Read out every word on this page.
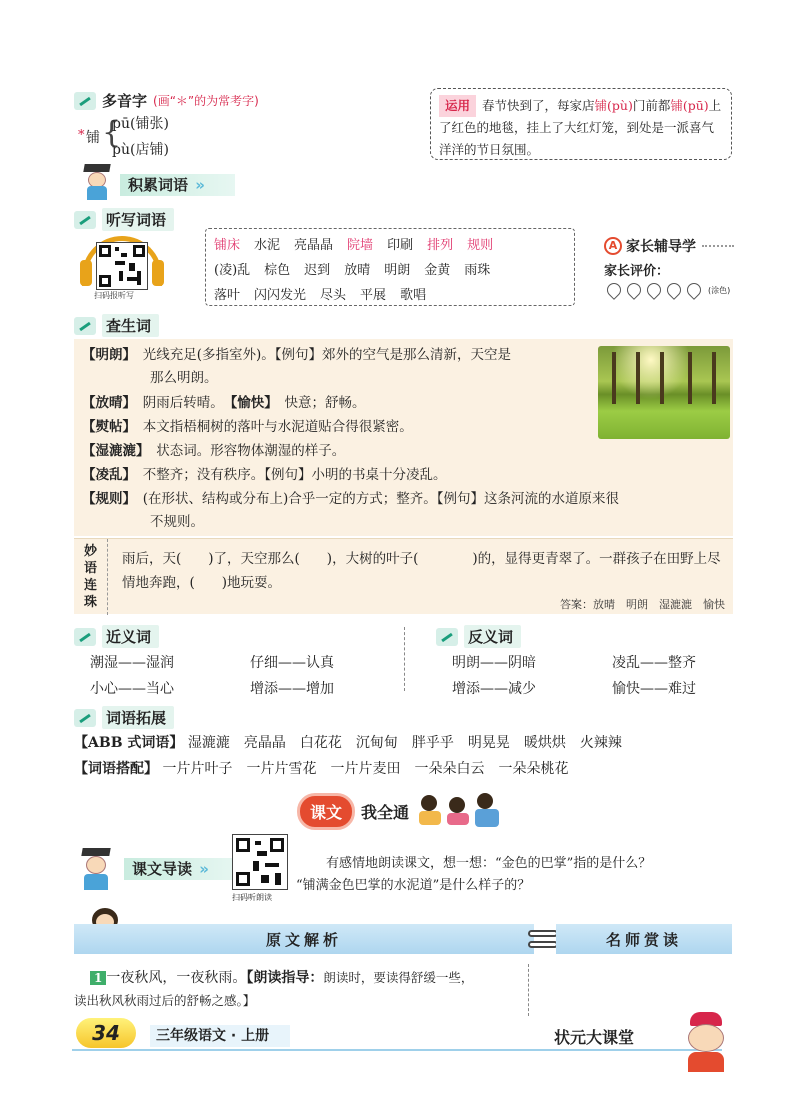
多音字 (画“＊”的为常考字)
* 铺 {
pū(铺张)
pù(店铺)
运用 春节快到了，每家店铺(pù)门前都铺(pū)上了红色的地毯，挂上了大红灯笼，到处是一派喜气洋洋的节日氛围。
积累词语 »
听写词语
扫码报听写
铺床 水泥 亮晶晶 院墙 印刷 排列 规则
(凌)乱 棕色 迟到 放晴 明朗 金黄 雨珠
落叶 闪闪发光 尽头 平展 歌唱
A 家长辅导学
家长评价：
(涂色)
查生词
【明朗】　 光线充足(多指室外)。【例句】郊外的空气是那么清新，天空是
那么明朗。
【放晴】　 阴雨后转晴。　 【愉快】　 快意；舒畅。
【熨帖】　 本文指梧桐树的落叶与水泥道贴合得很紧密。
【湿漉漉】　 状态词。形容物体潮湿的样子。
【凌乱】　 不整齐；没有秩序。【例句】小明的书桌十分凌乱。
【规则】　 (在形状、结构或分布上)合乎一定的方式；整齐。【例句】这条河流的水道原来很
不规则。
妙
语
连
珠
雨后，天(　　)了，天空那么(　　)，大树的叶子(　　　　)的，显得更青翠了。一群孩子在田野上尽情地奔跑，(　　)地玩耍。
答案：放晴　明朗　湿漉漉　愉快
近义词
潮湿——湿润	仔细——认真
小心——当心	增添——增加
反义词
明朗——阴暗	凌乱——整齐
增添——减少	愉快——难过
词语拓展
【ABB 式词语】 湿漉漉　亮晶晶　白花花　沉甸甸　胖乎乎　明晃晃　暖烘烘　火辣辣
【词语搭配】 一片片叶子　一片片雪花　一片片麦田　一朵朵白云　一朵朵桃花
课文	我全通
课文导读 »
扫码听朗读
有感情地朗读课文，想一想：“金色的巴掌”指的是什么？
“铺满金色巴掌的水泥道”是什么样子的？
原文解析	名师赏读
1 一夜秋风，一夜秋雨。【朗读指导：朗读时，要读得舒缓一些，
读出秋风秋雨过后的舒畅之感。】
34	三年级语文 · 上册	状元大课堂
